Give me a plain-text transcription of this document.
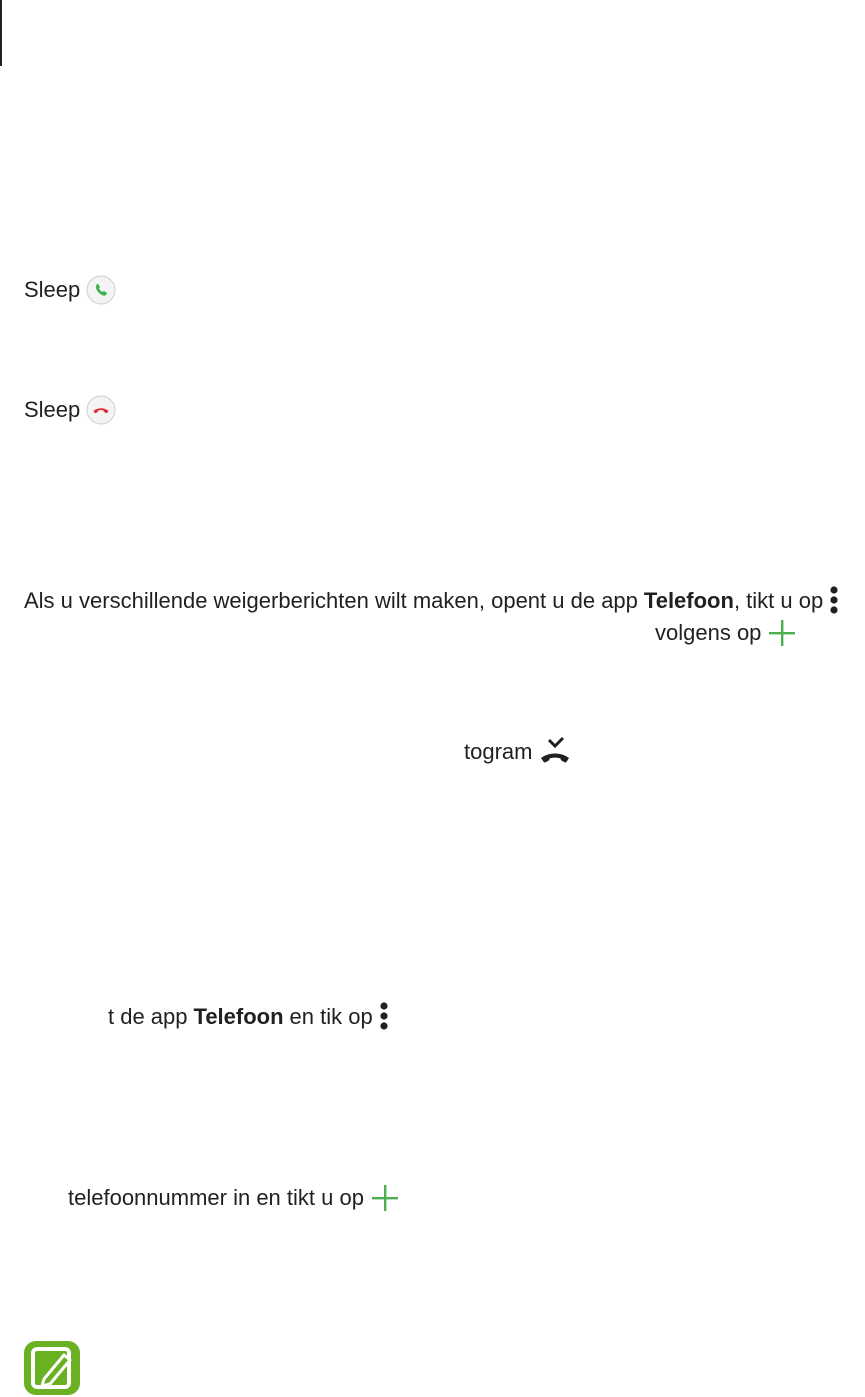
Sleep
Sleep
Als u verschillende weigerberichten wilt maken, opent u de app Telefoon , tikt u op
volgens op
togram
t de app Telefoon en tik op
telefoonnummer in en tikt u op
